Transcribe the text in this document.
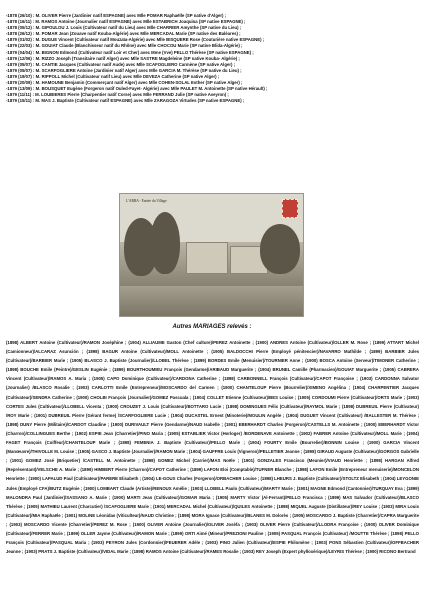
-1878 (26/10) : M. OLIVER Pierre (Jardinier natif ESPAGNE) avec Mlle POMAR Raphaëlle (SP native d'Alger) ;
-1878 (16/11) : M. RAMOS Antoine (Journalier natif ESPAGNE) avec Mlle ESTABRICH Joaquina (SP native ESPAGNE) ;
-1878 (05/12) : M. GIPOULOU J. Louis (Cultivateur natif du Lieu) avec Mlle CHARRIER Amynthe (SP native du Lieu) ;
-1878 (26/12) : M. POMAR Jean (Zouave natif Kouba-Algérie) avec Mlle MERCADAL Marie (SP native des Baléares) ;
-1879 (01/02) : M. DUGUE Vincent (Cultivateur natif Mouzaïa-Algérie) avec Mlle BISQUERE Rose (Couturière native ESPAGNE) ;
-1879 (22/03) : M. GOUIAT Claude (Blanchisseur natif du Rhône) avec Mlle CHOCOU Marie (SP native Blida-Algérie) ;
-1879 (04/04) : M. BIGNON Edmond (Cultivateur natif Loir et Cher) avec Mme (Vve) PELLO Thérèse (SP native ESPAGNE) ;
-1879 (12/06) : M. RIZZO Joseph (Transitaire natif Alger) avec Mlle SASTRE Magdeleine (SP native Kouba- Algérie) ;
-1879 (05/07) : M. CANTIE Jacques (Cultivateur natif Aude) avec Mlle SCAFOGLIERO Carmène (SP native Alger) ;
-1879 (05/07) : M. SCARFOGLIERE Antoine (Jardinier natif Alger) avec Mlle GARCIA M. Thérèse (SP native du Lieu) ;
-1879 (19/07) : M. RIPPOLL Michel (Cultivateur natif Lieu) avec Mlle DEVEZA Catherine (SP native Alger) ;
-1879 (20/09) : M. HAMOUNE Benjamin (Commerçant natif Alger) avec Mlle COHEN-SOLAL Esther (SP native Alger) ;
-1879 (13/09) : M. BOUSQUET Eugène (Forgeron natif Ouled-Fayet- Algérie) avec Mlle PAULET M. Antoinette (SP native Hérault) ;
-1879 (11/11) : M. LOUBIERES Pierre (Charpentier natif Corse) avec Mlle FERRAND Julie (SP native Aveyron) ;
-1879 (15/11) : M. MAS J. Baptiste (Cultivateur natif ESPAGNE) avec Mlle ZARAGOZA Virtudes (SP native ESPAGNE) ;
L'ARBA - Entrée du Village
Autres MARIAGES relevés :
(1898) ALBERT Antoine (Cultivateur)/RAMON Joséphine ; (1904) ALLIAUME Gaston (Chef culture)/PEREZ Antoinette ; (1900) ANDRES Antoine (Cultivateur)/OLLER M. Rose ; (1899) ATTART Michel (Camionneur)/ALCARAZ Asunción ; (1898) BAGUR Antoine (Cultivateur)/MOLL Antoinette ; (1905) BALDOCCHI Pierre (Employé pénitencier)/NAVARRO Mathilde ; (1899) BARBIER Jules (Cultivateur)/BARBIER Marie ; (1905) BLASCO J. Baptiste (Journalier)/LLOBEL Thérèse ; (1899) BORDES Emile (Menuisier)/TOURNIER Anne ; (1900) BOSCA Antoine (Serveur)/TIMONER Catherine ; (1898) BOUCHE Emile (Peintre)/GESLIN Eugénie ; (1899) BOURTHOUMIEU François (Gendarme)/ARIBAUD Marguerite ; (1904) BRUNEL Camille (Pharmacien)/GOUIAT Marguerite ; (1905) CABRERA Vincent (Cultivateur)/RAMOS A. Maria ; (1905) CAPO Dominique (Cultivateur)/CARDONA Catherine ; (1898) CARBONNELL François (Cultivateur)/CAPOT Françoise ; (1903) CARDONNA Salvator (Journalier) /BLASCO Rosalie ; (1903) CARLOTTI Emile (Entrepreneur)/MOSCARDO del Carmen ; (1900) CHANTELOUP Pierre (Bourrelier)/XIMENO Angélina ; (1904) CHARPENTIER Jacques (Cultivateur)/SENDRA Catherine ; (1900) CHOLBI François (Journalier)/GOMEZ Pascuala ; (1904) COLLET Etienne (Cultivateur)/BES Louise ; (1905) CORDOUMI Pierre (Cultivateur)/ORTS Marie ; (1903) CORTES Jules (Cultivateur)/LLOBELL Vicenta ; (1900) CROUZET J. Louis (Cultivateur)/BOTTARO Lucie ; (1898) DOMINGUES Félix (Cultivateur)/RAYMOL Marie ; (1898) DUBREUIL Pierre (Cultivateur) /ROY Marie ; (1901) DUBREUIL Pierre (Gérant ferme) /SCARFOGLIERE Lucie ; (1904) DUCASTEL Ernest (Minoterie)/MOULIN Angèle ; (1904) DUGUET Vincent (Cultivateur) /BALLESTER M. Thérèse ; (1898) DUNY Pierre (Militaire)/CARDOT Claudine ; (1900) DURIVAULT Pierre (Gendarme)/NAUD Isabelle ; (1901) EBERHARDT Charles (Forgeron)/CASTELLS M. Antoinette ; (1900) EBERHARDT Victor (Charron)/COLLINGUES Berthe ; (1902) ESPIE Jean (Charretier)/PINO Maria ; (1905) ESTABLIER Victor (Horloger) /BORDENAVE Antoinette ; (1902) FABRER Antoine (Cultivateur)/MOLL Marie ; (1904) FAGET François (Coiffeur)/CHANTELOUP Marie ; (1898) FEMENIA J. Baptiste (Cultivateur)/PELLO Marie ; (1904) FOURTY Emile (Bourrelier)/BONNIN Louise ; (1900) GARCIA Vincent (Manœuvre)/THIVOLLE M. Louise ; (1905) GASCO J. Baptiste (Journalier)/RAMON Marie ; (1904) GAUFFRE Louis (Vigneron)/PELLETIER Jeanne ; (1898) GIRAUD Auguste (Cultivateur)/GORGOS Gabrielle ; (1901) GOMEZ José (Briquetier) /CASTELL M. Antoinette ; (1898) GOMEZ Michel (Carrier)/MAS Noële ; (1901) GONZALES Francisco (Meunier)/VIAUD Henriette ; (1898) HARGAN Alfred (Représentant)/VELSCHE A. Marie ; (1899) HIMBERT Pierre (Charron)/CAPOT Catherine ; (1899) LAFON Eloi (Comptable)/TUFNER Blanche ; (1898) LAFON Emile (Entrepreneur menuiserie)/MONCELON Henriette ; (1900) LAPALUD Paul (Cultivateur)/PARERE Elisabeth ; (1904) LE-GOUX Charles (Forgeron)/ORBACHER Louise ; (1898) LHEURS J. Baptiste (Cultivateur)/STOLTZ Elisabeth ; (1904) LEYGONIE Jules (Employé CFA)/BUTZ Eugénie ; (1900) LOMBART Claude (Artiste)/RENOUX Amélie ; (1903) LLOBELL Paulo (Cultivateur)/MARTY Marie ; (1901) MAGNE Edmond (Cantonnier)/TURQUAY Eva ; (1899) MALONDRA Paul (Jardinier)/SASSANO A. Marie ; (1900) MARTI Jean (Cultivateur)/GOMAR Maria ; (1905) MARTY Victor (Al-Ferrant)/PELLO Francisca ; (1899) MAS Salvador (Cultivateur)/BLASCO Thérèse ; (1905) MATHIEU Laurent (Charcutier) /SCAFOGLIERE Marie ; (1901) MERCADAL Michel (Cultivateur)/QUILES Antoinette ; (1898) MIQUEL Auguste (Distillateur)/REY Louise ; (1903) MIRA Louis (Cultivateur)/MIA Raphaële ; (1901) MOLINE Léonidas (Viticulteur)/NAUD Christine ; (1898) MORA Ignace (Cultivateur)/BLANES M. Dolorès ; (1905) MOSCARDO J. Baptiste (Charretier)/CAPRA Marguerite ; (1903) MOSCARDO Vicente (Charretier)/PEREZ M. Rose ; (1900) OLIVER Antoine (Journalier)/OLIVER Josèfa ; (1903) OLIVER Pierre (Cultivateur)/LLODRA Françoise ; (1900) OLIVER Dominique (Cultivateur)/FERRER Marie ; (1899) OLLER Jayme (Cultivateur)/RAMON Marie ; (1899) ORTI Aimé (Mineur)/PREZIONI Pauline ; (1905) PASQUAL François (Cultivateur) /MOUTTE Thérèse ; (1898) PELLO François (Cultivateur)/PASQUAL Maria ; (1903) PEYRON Jules (Cordonnier)/FEUERER Adèle ; (1903) PINO Julien (Cultivateur)/ESPIE Philomène ; (1903) PONS Sébastien (Cultivateur)/OFFBACHER Jeanne ; (1903) PRATS J. Baptiste (Cultivateur)/VIDAL Marie ; (1898) RAMOS Antoine (Cultivateur)/RAMES Rosalie ; (1903) REY Joseph (Expert phylloxérique)/LEYRIS Thérèse ; (1900) RICONO Bertrand
